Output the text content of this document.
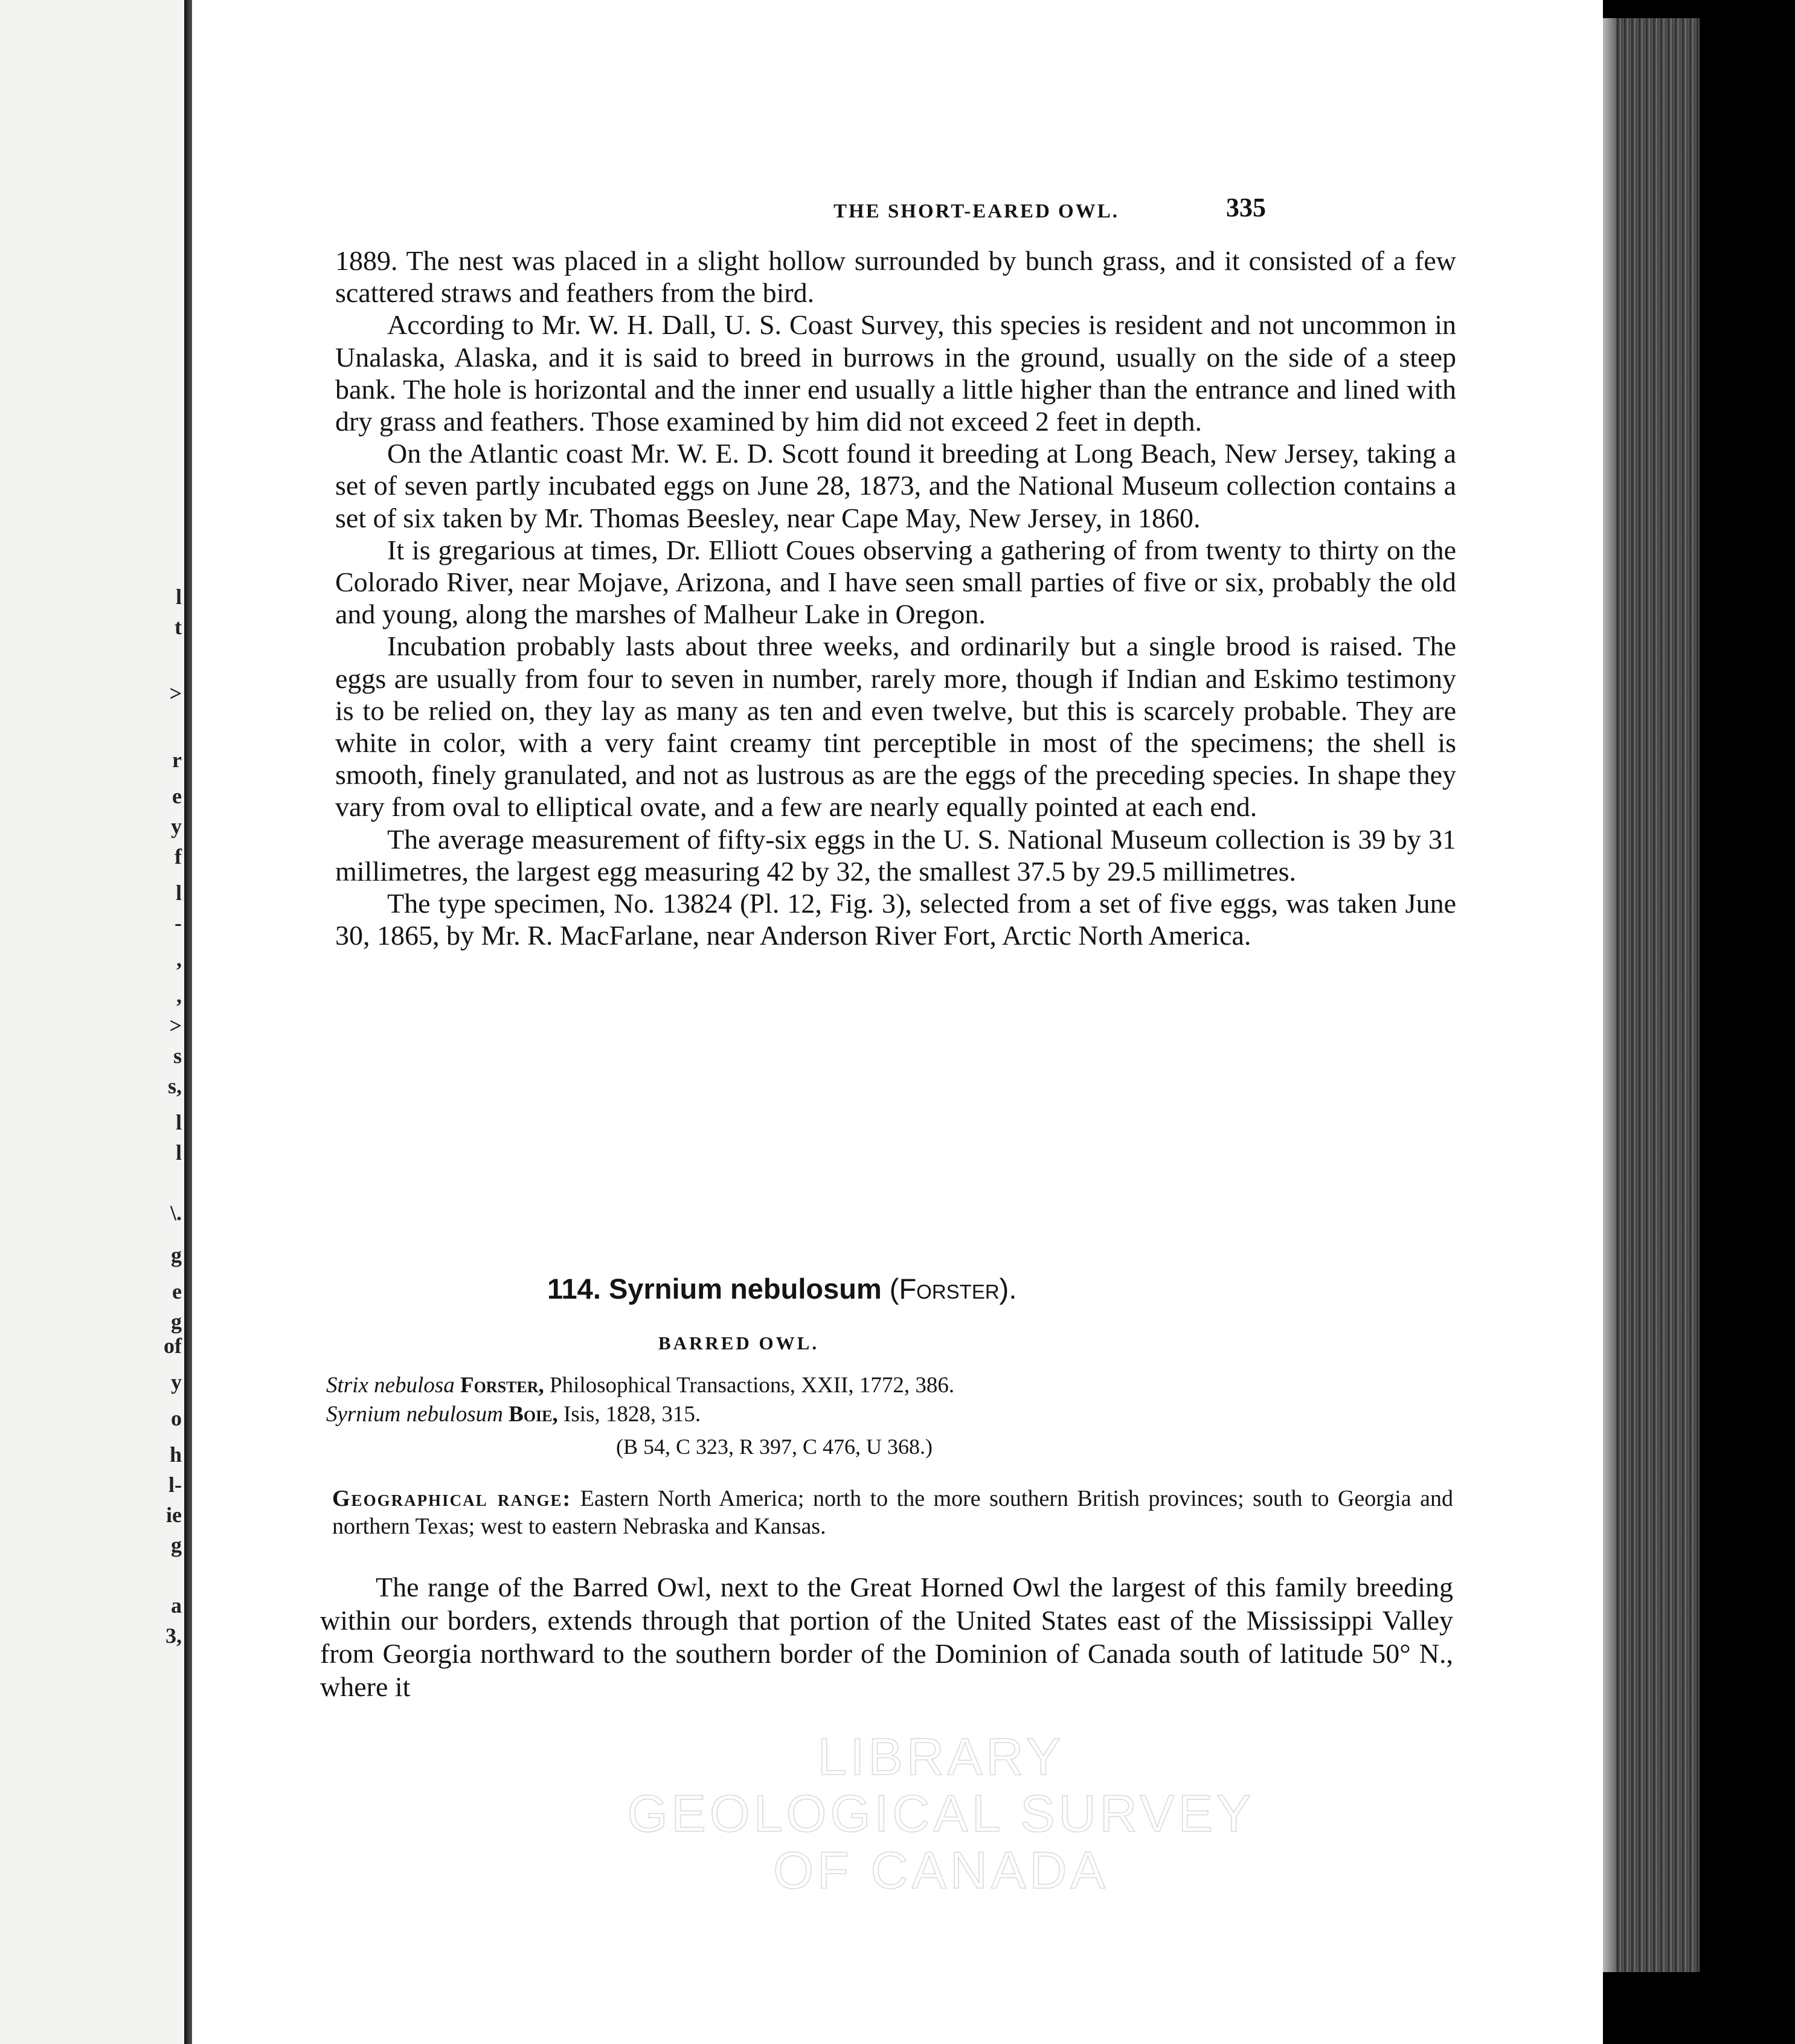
l
t
>
r
e
y
f
l
-
,
,
>
s
s,
l
l
\.
g
e
g
of
y
o
h
l-
ie
g
a
3,
THE SHORT-EARED OWL.	335

1889. The nest was placed in a slight hollow surrounded by bunch grass, and it consisted of a few scattered straws and feathers from the bird.

According to Mr. W. H. Dall, U. S. Coast Survey, this species is resident and not uncommon in Unalaska, Alaska, and it is said to breed in burrows in the ground, usually on the side of a steep bank. The hole is horizontal and the inner end usually a little higher than the entrance and lined with dry grass and feathers. Those examined by him did not exceed 2 feet in depth.

On the Atlantic coast Mr. W. E. D. Scott found it breeding at Long Beach, New Jersey, taking a set of seven partly incubated eggs on June 28, 1873, and the National Museum collection contains a set of six taken by Mr. Thomas Beesley, near Cape May, New Jersey, in 1860.

It is gregarious at times, Dr. Elliott Coues observing a gathering of from twenty to thirty on the Colorado River, near Mojave, Arizona, and I have seen small parties of five or six, probably the old and young, along the marshes of Malheur Lake in Oregon.

Incubation probably lasts about three weeks, and ordinarily but a single brood is raised. The eggs are usually from four to seven in number, rarely more, though if Indian and Eskimo testimony is to be relied on, they lay as many as ten and even twelve, but this is scarcely probable. They are white in color, with a very faint creamy tint perceptible in most of the specimens; the shell is smooth, finely granulated, and not as lustrous as are the eggs of the preceding species. In shape they vary from oval to elliptical ovate, and a few are nearly equally pointed at each end.

The average measurement of fifty-six eggs in the U. S. National Museum collection is 39 by 31 millimetres, the largest egg measuring 42 by 32, the smallest 37.5 by 29.5 millimetres.

The type specimen, No. 13824 (Pl. 12, Fig. 3), selected from a set of five eggs, was taken June 30, 1865, by Mr. R. MacFarlane, near Anderson River Fort, Arctic North America.

114. Syrnium nebulosum (Forster).
BARRED OWL.
Strix nebulosa Forster, Philosophical Transactions, XXII, 1772, 386.
Syrnium nebulosum Boie, Isis, 1828, 315.
(B 54, C 323, R 397, C 476, U 368.)
Geographical range: Eastern North America; north to the more southern British provinces; south to Georgia and northern Texas; west to eastern Nebraska and Kansas.

The range of the Barred Owl, next to the Great Horned Owl the largest of this family breeding within our borders, extends through that portion of the United States east of the Mississippi Valley from Georgia northward to the southern border of the Dominion of Canada south of latitude 50° N., where it

LIBRARY
GEOLOGICAL SURVEY
OF CANADA
